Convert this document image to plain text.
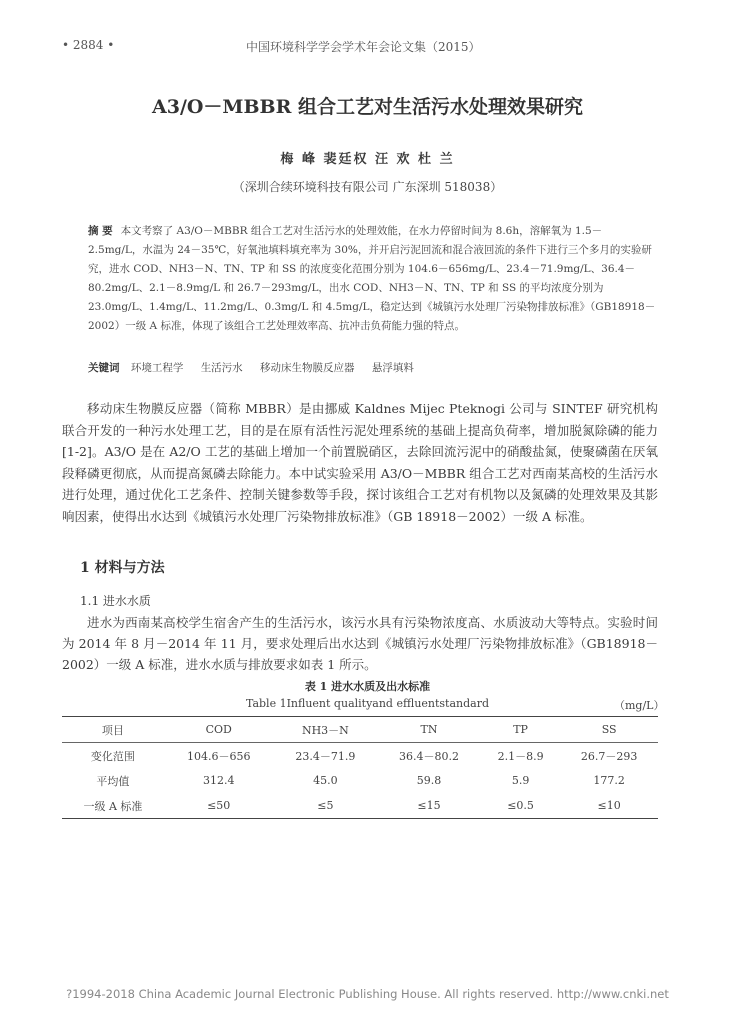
• 2884 •	中国环境科学学会学术年会论文集（2015）
A3/O－MBBR 组合工艺对生活污水处理效果研究
梅 峰 裴廷权 汪 欢 杜 兰
（深圳合续环境科技有限公司 广东深圳 518038）
摘 要 本文考察了 A3/O－MBBR 组合工艺对生活污水的处理效能，在水力停留时间为 8.6h，溶解氧为 1.5－2.5mg/L，水温为 24－35℃，好氧池填料填充率为 30%，并开启污泥回流和混合液回流的条件下进行三个多月的实验研究，进水 COD、NH3－N、TN、TP 和 SS 的浓度变化范围分别为 104.6－656mg/L、23.4－71.9mg/L、36.4－80.2mg/L、2.1－8.9mg/L 和 26.7－293mg/L，出水 COD、NH3－N、TN、TP 和 SS 的平均浓度分别为 23.0mg/L、1.4mg/L、11.2mg/L、0.3mg/L 和 4.5mg/L，稳定达到《城镇污水处理厂污染物排放标准》（GB18918－2002）一级 A 标准，体现了该组合工艺处理效率高、抗冲击负荷能力强的特点。
关键词 环境工程学 生活污水 移动床生物膜反应器 悬浮填料
移动床生物膜反应器（简称 MBBR）是由挪威 Kaldnes Mijec Pteknogi 公司与 SINTEF 研究机构联合开发的一种污水处理工艺，目的是在原有活性污泥处理系统的基础上提高负荷率，增加脱氮除磷的能力[1-2]。A3/O 是在 A2/O 工艺的基础上增加一个前置脱硝区，去除回流污泥中的硝酸盐氮，使聚磷菌在厌氧段释磷更彻底，从而提高氮磷去除能力。本中试实验采用 A3/O－MBBR 组合工艺对西南某高校的生活污水进行处理，通过优化工艺条件、控制关键参数等手段，探讨该组合工艺对有机物以及氮磷的处理效果及其影响因素，使得出水达到《城镇污水处理厂污染物排放标准》（GB 18918－2002）一级 A 标准。
1 材料与方法
1.1 进水水质
进水为西南某高校学生宿舍产生的生活污水，该污水具有污染物浓度高、水质波动大等特点。实验时间为 2014 年 8 月－2014 年 11 月，要求处理后出水达到《城镇污水处理厂污染物排放标准》（GB18918－2002）一级 A 标准，进水水质与排放要求如表 1 所示。
表 1 进水水质及出水标准
Table 1Influent qualityand effluentstandard	（mg/L）
项目	COD	NH3－N	TN	TP	SS
变化范围	104.6－656	23.4－71.9	36.4－80.2	2.1－8.9	26.7－293
平均值	312.4	45.0	59.8	5.9	177.2
一级 A 标准	≤50	≤5	≤15	≤0.5	≤10
?1994-2018 China Academic Journal Electronic Publishing House. All rights reserved. http://www.cnki.net
